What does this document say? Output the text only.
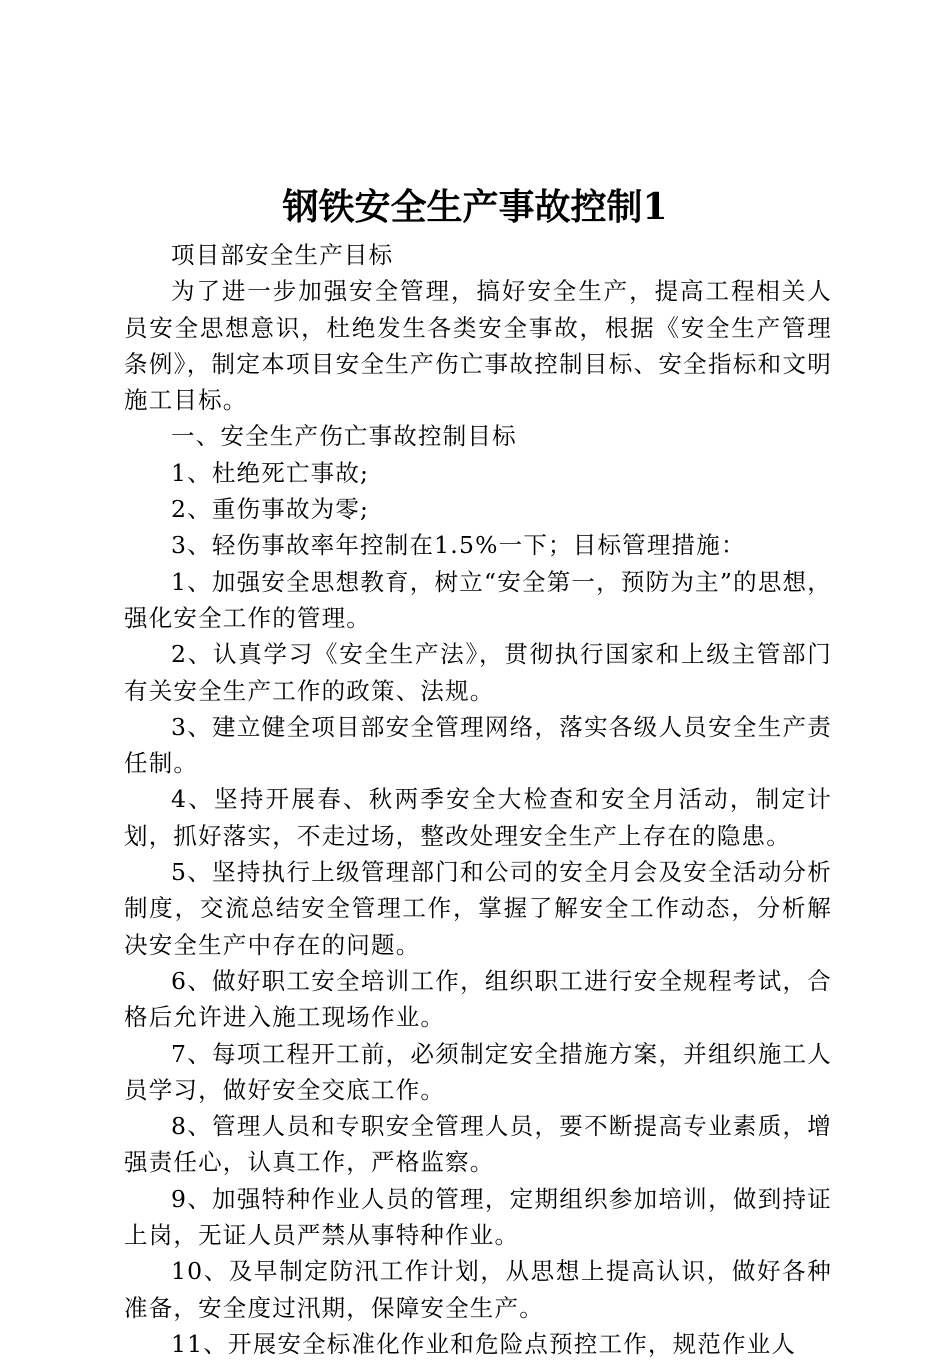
钢铁安全生产事故控制1

项目部安全生产目标

为了进一步加强安全管理，搞好安全生产，提高工程相关人员安全思想意识，杜绝发生各类安全事故，根据《安全生产管理条例》，制定本项目安全生产伤亡事故控制目标、安全指标和文明施工目标。

一、安全生产伤亡事故控制目标

1、杜绝死亡事故;

2、重伤事故为零;

3、轻伤事故率年控制在1.5%一下；目标管理措施：

1、加强安全思想教育，树立“安全第一，预防为主”的思想，强化安全工作的管理。

2、认真学习《安全生产法》，贯彻执行国家和上级主管部门有关安全生产工作的政策、法规。

3、建立健全项目部安全管理网络，落实各级人员安全生产责任制。

4、坚持开展春、秋两季安全大检查和安全月活动，制定计划，抓好落实，不走过场，整改处理安全生产上存在的隐患。

5、坚持执行上级管理部门和公司的安全月会及安全活动分析制度，交流总结安全管理工作，掌握了解安全工作动态，分析解决安全生产中存在的问题。

6、做好职工安全培训工作，组织职工进行安全规程考试，合格后允许进入施工现场作业。

7、每项工程开工前，必须制定安全措施方案，并组织施工人员学习，做好安全交底工作。

8、管理人员和专职安全管理人员，要不断提高专业素质，增强责任心，认真工作，严格监察。

9、加强特种作业人员的管理，定期组织参加培训，做到持证上岗，无证人员严禁从事特种作业。

10、及早制定防汛工作计划，从思想上提高认识，做好各种准备，安全度过汛期，保障安全生产。

11、开展安全标准化作业和危险点预控工作，规范作业人
